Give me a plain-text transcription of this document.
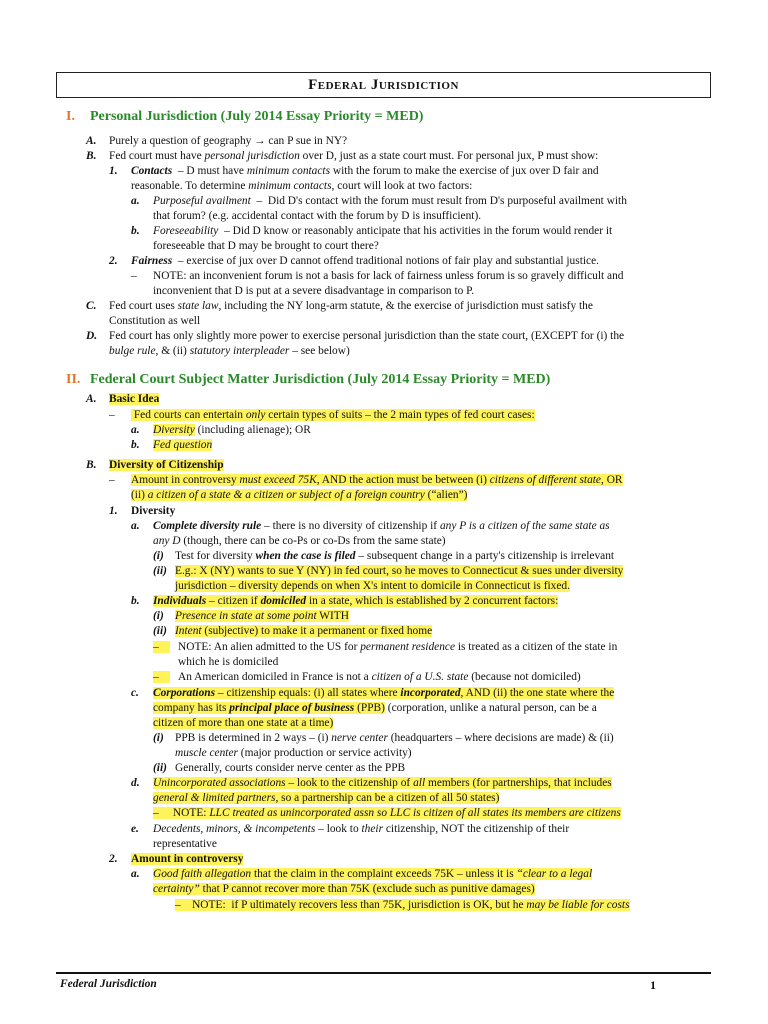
Federal Jurisdiction
I. Personal Jurisdiction (July 2014 Essay Priority = MED)
A. Purely a question of geography → can P sue in NY?
B. Fed court must have personal jurisdiction over D, just as a state court must. For personal jux, P must show:
1. Contacts  – D must have minimum contacts with the forum to make the exercise of jux over D fair and
reasonable. To determine minimum contacts, court will look at two factors:
a. Purposeful availment  –  Did D's contact with the forum must result from D's purposeful availment with
that forum? (e.g. accidental contact with the forum by D is insufficient).
b. Foreseeability  – Did D know or reasonably anticipate that his activities in the forum would render it
foreseeable that D may be brought to court there?
2. Fairness  – exercise of jux over D cannot offend traditional notions of fair play and substantial justice.
– NOTE: an inconvenient forum is not a basis for lack of fairness unless forum is so gravely difficult and
inconvenient that D is put at a severe disadvantage in comparison to P.
C. Fed court uses state law, including the NY long-arm statute, & the exercise of jurisdiction must satisfy the
Constitution as well
D. Fed court has only slightly more power to exercise personal jurisdiction than the state court, (EXCEPT for (i) the
bulge rule, & (ii) statutory interpleader – see below)
II. Federal Court Subject Matter Jurisdiction (July 2014 Essay Priority = MED)
A. Basic Idea
– Fed courts can entertain only certain types of suits – the 2 main types of fed court cases:
a. Diversity (including alienage); OR
b. Fed question
B. Diversity of Citizenship
– Amount in controversy must exceed 75K, AND the action must be between (i) citizens of different state, OR
(ii) a citizen of a state & a citizen or subject of a foreign country (“alien”)
1. Diversity
a. Complete diversity rule – there is no diversity of citizenship if any P is a citizen of the same state as
any D (though, there can be co-Ps or co-Ds from the same state)
(i) Test for diversity when the case is filed – subsequent change in a party's citizenship is irrelevant
(ii) E.g.: X (NY) wants to sue Y (NY) in fed court, so he moves to Connecticut & sues under diversity
jurisdiction – diversity depends on when X's intent to domicile in Connecticut is fixed.
b. Individuals – citizen if domiciled in a state, which is established by 2 concurrent factors:
(i) Presence in state at some point WITH
(ii) Intent (subjective) to make it a permanent or fixed home
– NOTE: An alien admitted to the US for permanent residence is treated as a citizen of the state in
which he is domiciled
– An American domiciled in France is not a citizen of a U.S. state (because not domiciled)
c. Corporations – citizenship equals: (i) all states where incorporated, AND (ii) the one state where the
company has its principal place of business (PPB) (corporation, unlike a natural person, can be a
citizen of more than one state at a time)
(i) PPB is determined in 2 ways – (i) nerve center (headquarters – where decisions are made) & (ii)
muscle center (major production or service activity)
(ii) Generally, courts consider nerve center as the PPB
d. Unincorporated associations – look to the citizenship of all members (for partnerships, that includes
general & limited partners, so a partnership can be a citizen of all 50 states)
–     NOTE: LLC treated as unincorporated assn so LLC is citizen of all states its members are citizens
e. Decedents, minors, & incompetents – look to their citizenship, NOT the citizenship of their
representative
2. Amount in controversy
a. Good faith allegation that the claim in the complaint exceeds 75K – unless it is “clear to a legal
certainty” that P cannot recover more than 75K (exclude such as punitive damages)
–    NOTE:  if P ultimately recovers less than 75K, jurisdiction is OK, but he may be liable for costs
Federal Jurisdiction	1
